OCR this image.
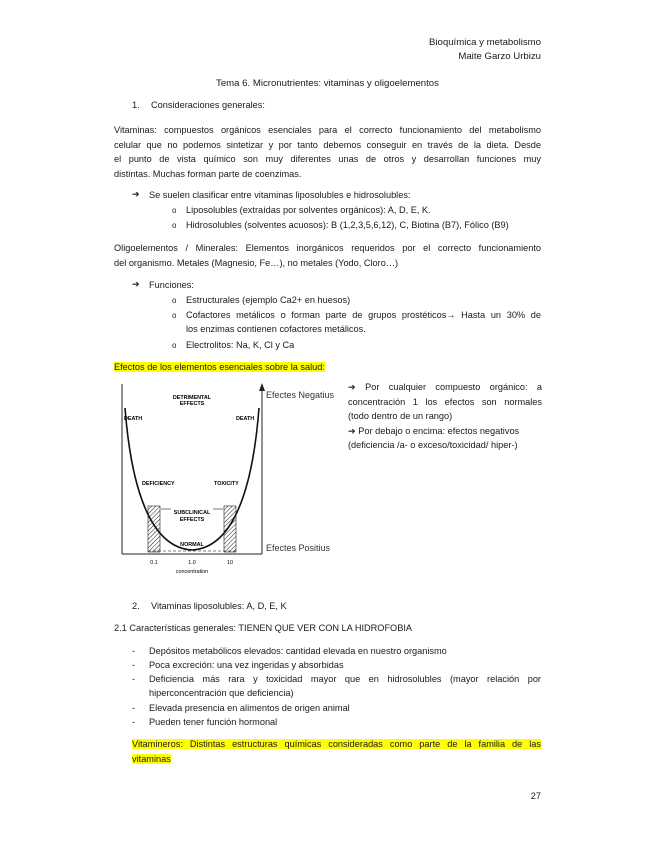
Bioquímica y metabolismo
Maite Garzo Urbizu
Tema 6. Micronutrientes: vitaminas y oligoelementos
1. Consideraciones generales:
Vitaminas: compuestos orgánicos esenciales para el correcto funcionamiento del metabolismo
celular que no podemos sintetizar y por tanto debemos conseguir en través de la dieta. Desde
el punto de vista químico son muy diferentes unas de otros y desarrollan funciones muy
distintas. Muchas forman parte de coenzimas.
➔ Se suelen clasificar entre vitaminas liposolubles e hidrosolubles:
o Liposolubles (extraídas por solventes orgánicos): A, D, E, K.
o Hidrosolubles (solventes acuosos): B (1,2,3,5,6,12), C, Biotina (B7), Fólico (B9)
Oligoelementos / Minerales: Elementos inorgánicos requeridos por el correcto funcionamiento
del organismo. Metales (Magnesio, Fe…), no metales (Yodo, Cloro…)
➔ Funciones:
o Estructurales (ejemplo Ca2+ en huesos)
o Cofactores metálicos o forman parte de grupos prostéticos→ Hasta un 30% de
los enzimas contienen cofactores metálicos.
o Electrolitos: Na, K, Cl y Ca
Efectos de los elementos esenciales sobre la salud:
DETRIMENTAL
EFFECTS
DEATH	DEATH
DEFICIENCY	TOXICITY
SUBCLINICAL
EFFECTS
NORMAL
0.1	1.0	10
concentration
Efectes Negatius
Efectes Positius
➔ Por cualquier compuesto orgánico: a
concentración 1 los efectos son normales
(todo dentro de un rango)
➔ Por debajo o encima: efectos negativos
(deficiencia /a- o exceso/toxicidad/ hiper-)
2. Vitaminas liposolubles: A, D, E, K
2.1 Características generales: TIENEN QUE VER CON LA HIDROFOBIA
- Depósitos metabólicos elevados: cantidad elevada en nuestro organismo
- Poca excreción: una vez ingeridas y absorbidas
- Deficiencia más rara y toxicidad mayor que en hidrosolubles (mayor relación por
hiperconcentración que deficiencia)
- Elevada presencia en alimentos de origen animal
- Pueden tener función hormonal
Vitamineros: Distintas estructuras químicas consideradas como parte de la familia de las
vitaminas
27
